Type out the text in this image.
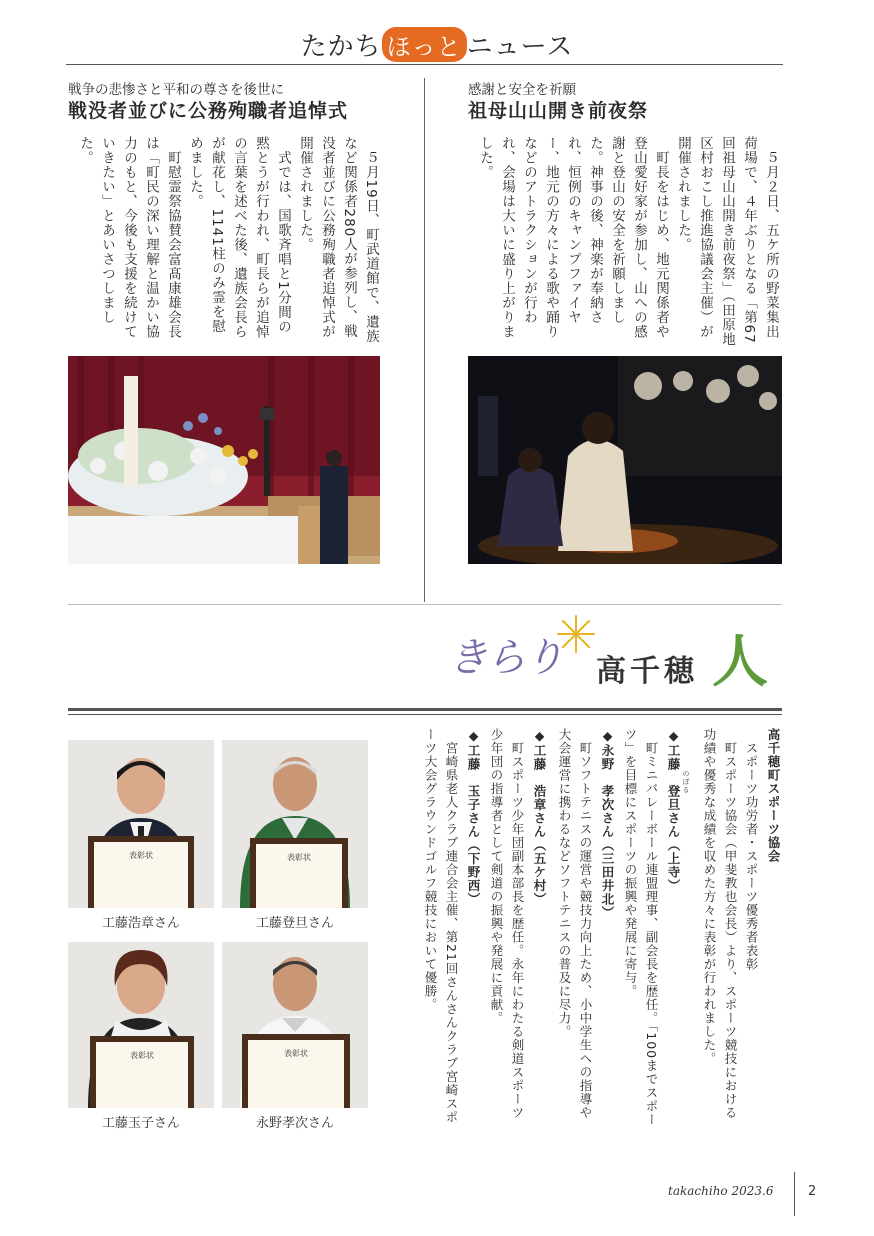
たかち ほっと ニュース
戦争の悲惨さと平和の尊さを後世に
戦没者並びに公務殉職者追悼式
　５月19日、町武道館で、遺族など関係者280人が参列し、戦没者並びに公務殉職者追悼式が開催されました。
　式では、国歌斉唱と1分間の黙とうが行われ、町長らが追悼の言葉を述べた後、遺族会長らが献花し、1141柱のみ霊を慰めました。
　町慰霊祭協賛会富髙康雄会長は「町民の深い理解と温かい協力のもと、今後も支援を続けていきたい」とあいさつしました。
感謝と安全を祈願
祖母山山開き前夜祭
　５月２日、五ケ所の野菜集出荷場で、４年ぶりとなる「第67回祖母山山開き前夜祭」（田原地区村おこし推進協議会主催）が開催されました。
　町長をはじめ、地元関係者や登山愛好家が参加し、山への感謝と登山の安全を祈願しました。神事の後、神楽が奉納され、恒例のキャンプファイヤー、地元の方々による歌や踊りなどのアトラクションが行われ、会場は大いに盛り上がりました。
きらり 高千穂 人
高千穂町スポーツ協会
　スポーツ功労者・スポーツ優秀者表彰
　町スポーツ協会（甲斐教也会長）より、スポーツ競技における功績や優秀な成績を収めた方々に表彰が行われました。
◆工藤　登旦さん（上寺） のぼる
　町ミニバレーボール連盟理事、副会長を歴任。「100までスポーツ」を目標にスポーツの振興や発展に寄与。
◆永野　孝次さん（三田井北）
　町ソフトテニスの運営や競技力向上ため、小中学生への指導や大会運営に携わるなどソフトテニスの普及に尽力。
◆工藤　浩章さん（五ケ村）
　町スポーツ少年団副本部長を歴任。永年にわたる剣道スポーツ少年団の指導者として剣道の振興や発展に貢献。
◆工藤　玉子さん（下野西）
　宮崎県老人クラブ連合会主催、第21回さんさんクラブ宮崎スポーツ大会グラウンドゴルフ競技において優勝。
表彰状
工藤浩章さん
表彰状
工藤登旦さん
表彰状
工藤玉子さん
表彰状
永野孝次さん
takachiho 2023.6	2
